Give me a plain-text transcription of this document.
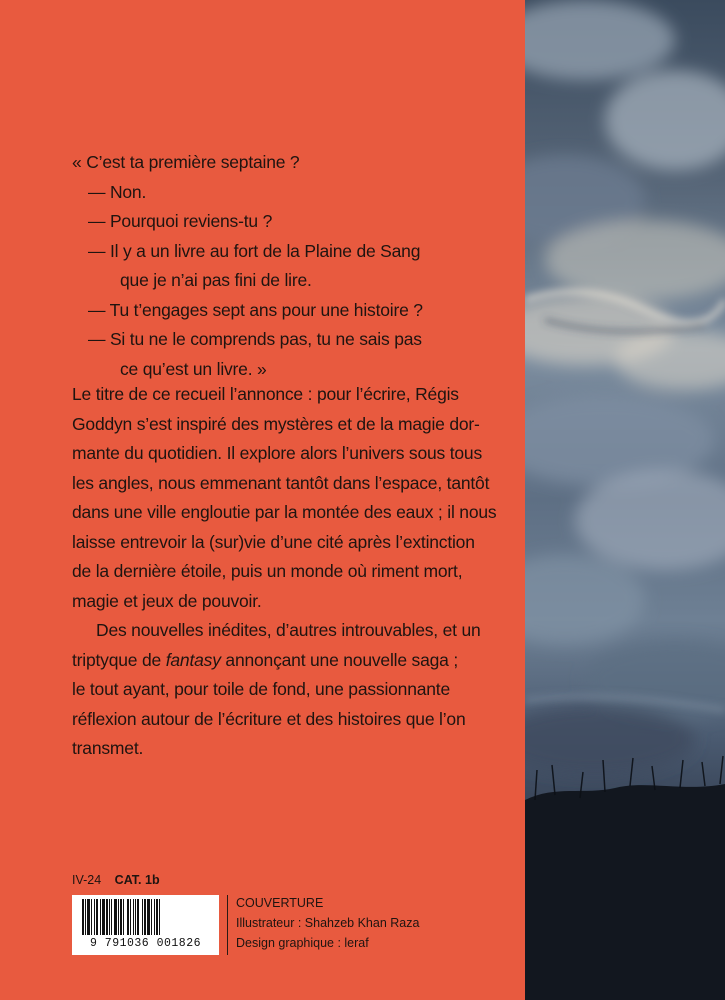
« C’est ta première septaine ?
— Non.
— Pourquoi reviens-tu ?
— Il y a un livre au fort de la Plaine de Sang
que je n’ai pas fini de lire.
— Tu t’engages sept ans pour une histoire ?
— Si tu ne le comprends pas, tu ne sais pas
ce qu’est un livre. »
Le titre de ce recueil l’annonce : pour l’écrire, Régis
Goddyn s’est inspiré des mystères et de la magie dor-
mante du quotidien. Il explore alors l’univers sous tous
les angles, nous emmenant tantôt dans l’espace, tantôt
dans une ville engloutie par la montée des eaux ; il nous
laisse entrevoir la (sur)vie d’une cité après l’extinction
de la dernière étoile, puis un monde où riment mort,
magie et jeux de pouvoir.
Des nouvelles inédites, d’autres introuvables, et un
triptyque de fantasy annonçant une nouvelle saga ;
le tout ayant, pour toile de fond, une passionnante
réflexion autour de l’écriture et des histoires que l’on
transmet.
IV-24 CAT. 1b
9 791036 001826
COUVERTURE
Illustrateur : Shahzeb Khan Raza
Design graphique : leraf
